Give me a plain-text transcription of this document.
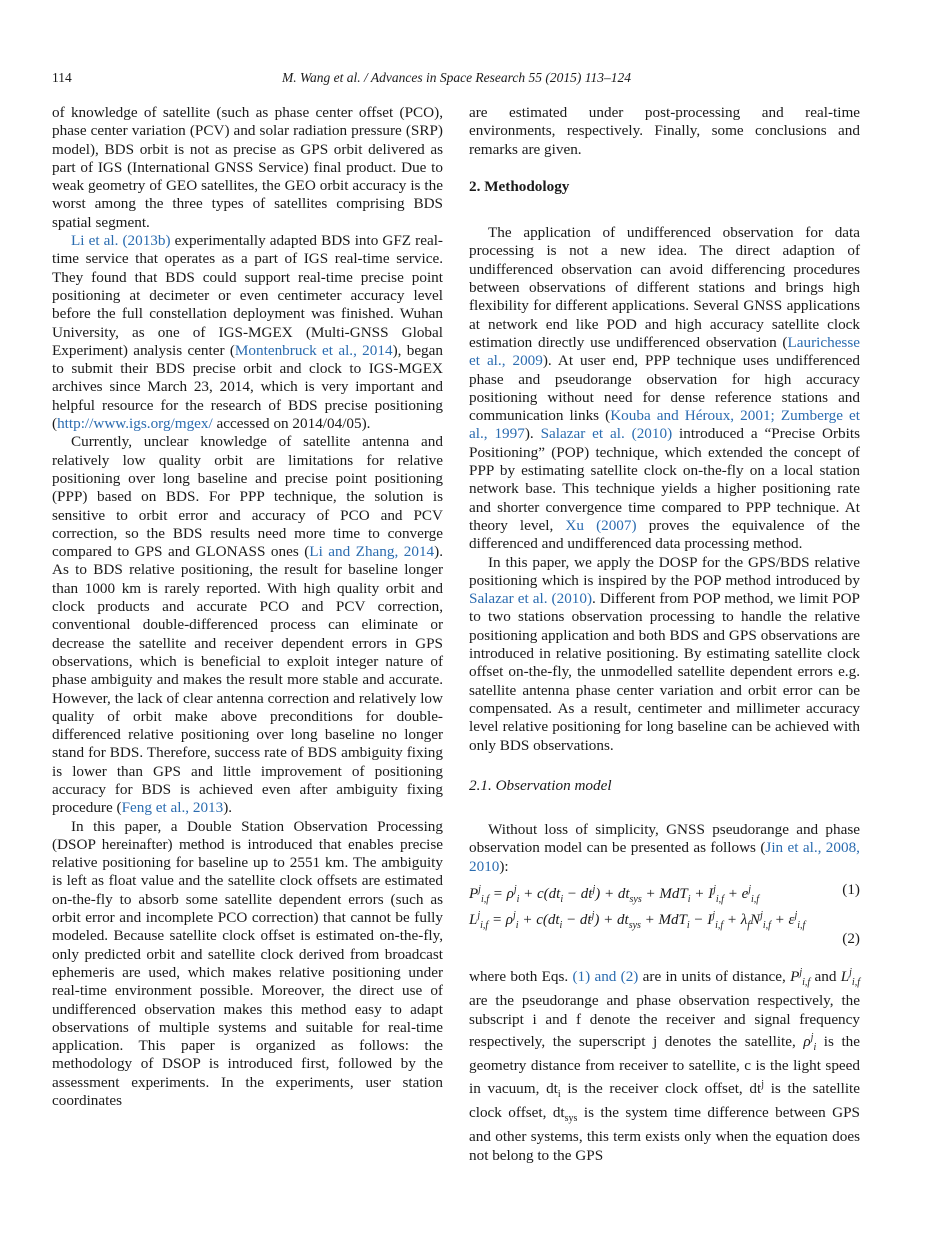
114	M. Wang et al. / Advances in Space Research 55 (2015) 113–124

of knowledge of satellite (such as phase center offset (PCO), phase center variation (PCV) and solar radiation pressure (SRP) model), BDS orbit is not as precise as GPS orbit delivered as part of IGS (International GNSS Service) final product. Due to weak geometry of GEO satellites, the GEO orbit accuracy is the worst among the three types of satellites comprising BDS spatial segment.

Li et al. (2013b) experimentally adapted BDS into GFZ real-time service that operates as a part of IGS real-time service. They found that BDS could support real-time precise point positioning at decimeter or even centimeter accuracy level before the full constellation deployment was finished. Wuhan University, as one of IGS-MGEX (Multi-GNSS Global Experiment) analysis center (Montenbruck et al., 2014), began to submit their BDS precise orbit and clock to IGS-MGEX archives since March 23, 2014, which is very important and helpful resource for the research of BDS precise positioning (http://www.igs.org/mgex/ accessed on 2014/04/05).

Currently, unclear knowledge of satellite antenna and relatively low quality orbit are limitations for relative positioning over long baseline and precise point positioning (PPP) based on BDS. For PPP technique, the solution is sensitive to orbit error and accuracy of PCO and PCV correction, so the BDS results need more time to converge compared to GPS and GLONASS ones (Li and Zhang, 2014). As to BDS relative positioning, the result for baseline longer than 1000 km is rarely reported. With high quality orbit and clock products and accurate PCO and PCV correction, conventional double-differenced process can eliminate or decrease the satellite and receiver dependent errors in GPS observations, which is beneficial to exploit integer nature of phase ambiguity and makes the result more stable and accurate. However, the lack of clear antenna correction and relatively low quality of orbit make above preconditions for double-differenced relative positioning over long baseline no longer stand for BDS. Therefore, success rate of BDS ambiguity fixing is lower than GPS and little improvement of positioning accuracy for BDS is achieved even after ambiguity fixing procedure (Feng et al., 2013).

In this paper, a Double Station Observation Processing (DSOP hereinafter) method is introduced that enables precise relative positioning for baseline up to 2551 km. The ambiguity is left as float value and the satellite clock offsets are estimated on-the-fly to absorb some satellite dependent errors (such as orbit error and incomplete PCO correction) that cannot be fully modeled. Because satellite clock offset is estimated on-the-fly, only predicted orbit and satellite clock derived from broadcast ephemeris are used, which makes relative positioning under real-time environment possible. Moreover, the direct use of undifferenced observation makes this method easy to adapt observations of multiple systems and suitable for real-time application. This paper is organized as follows: the methodology of DSOP is introduced first, followed by the assessment experiments. In the experiments, user station coordinates

are estimated under post-processing and real-time environments, respectively. Finally, some conclusions and remarks are given.

2. Methodology

The application of undifferenced observation for data processing is not a new idea. The direct adaption of undifferenced observation can avoid differencing procedures between observations of different stations and brings high flexibility for different applications. Several GNSS applications at network end like POD and high accuracy satellite clock estimation directly use undifferenced observation (Laurichesse et al., 2009). At user end, PPP technique uses undifferenced phase and pseudorange observation for high accuracy positioning without need for dense reference stations and communication links (Kouba and Héroux, 2001; Zumberge et al., 1997). Salazar et al. (2010) introduced a “Precise Orbits Positioning” (POP) technique, which extended the concept of PPP by estimating satellite clock on-the-fly on a local station network base. This technique yields a higher positioning rate and shorter convergence time compared to PPP technique. At theory level, Xu (2007) proves the equivalence of the differenced and undifferenced data processing method.

In this paper, we apply the DOSP for the GPS/BDS relative positioning which is inspired by the POP method introduced by Salazar et al. (2010). Different from POP method, we limit POP to two stations observation processing to handle the relative positioning application and both BDS and GPS observations are introduced in relative positioning. By estimating satellite clock offset on-the-fly, the unmodelled satellite dependent errors e.g. satellite antenna phase center variation and orbit error can be compensated. As a result, centimeter and millimeter accuracy level relative positioning for long baseline can be achieved with only BDS observations.

2.1. Observation model

Without loss of simplicity, GNSS pseudorange and phase observation model can be presented as follows (Jin et al., 2008, 2010):

$P^j_{i,f} = \rho^j_i + c(dt_i - dt^j) + dt_{sys} + MdT_i + I^j_{i,f} + e^j_{i,f}$
(1)
$L^j_{i,f} = \rho^j_i + c(dt_i - dt^j) + dt_{sys} + MdT_i - I^j_{i,f} + \lambda_fN^j_{i,f} + \varepsilon^j_{i,f}$
(2)

where both Eqs. (1) and (2) are in units of distance, $P^j_{i,f}$ and $L^j_{i,f}$ are the pseudorange and phase observation respectively, the subscript i and f denote the receiver and signal frequency respectively, the superscript j denotes the satellite, $\rho^j_i$ is the geometry distance from receiver to satellite, c is the light speed in vacuum, $dt_i$ is the receiver clock offset, $dt^j$ is the satellite clock offset, $dt_{sys}$ is the system time difference between GPS and other systems, this term exists only when the equation does not belong to the GPS
